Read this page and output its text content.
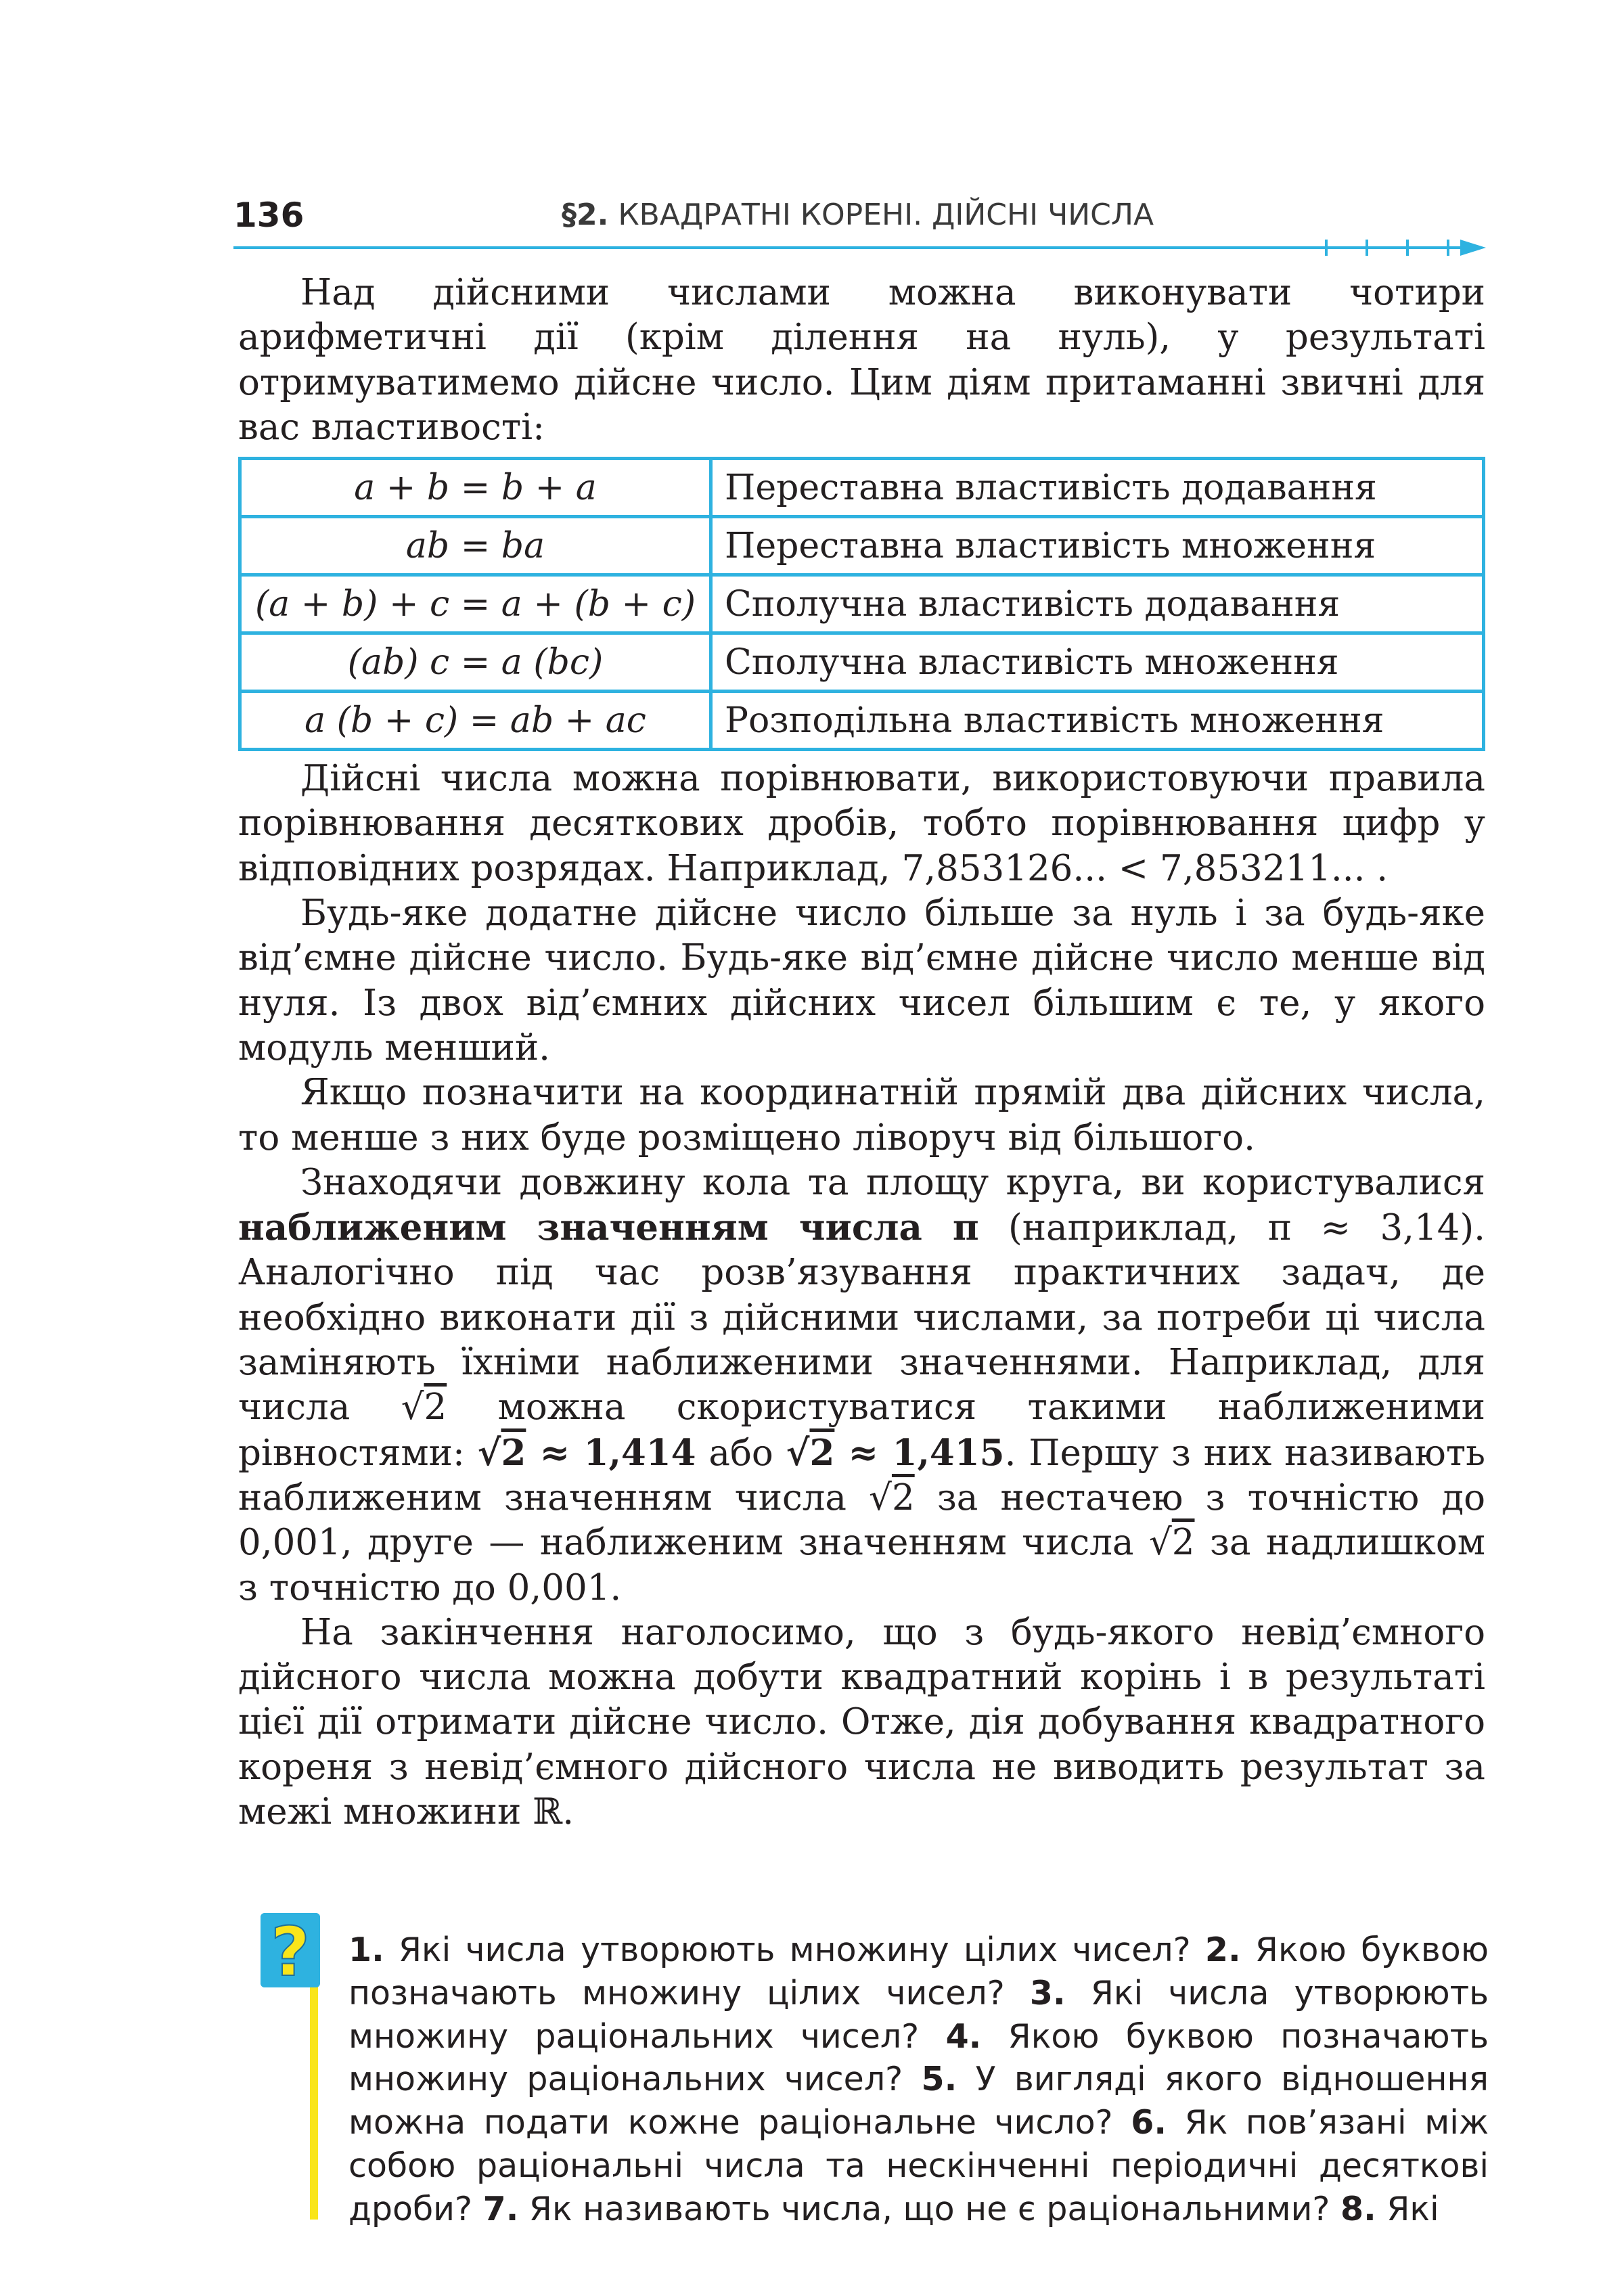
136	§2. КВАДРАТНІ КОРЕНІ. ДІЙСНІ ЧИСЛА

Над дійсними числами можна виконувати чотири арифметичні дії (крім ділення на нуль), у результаті отримуватимемо дійсне число. Цим діям притаманні звичні для вас властивості:

a + b = b + a	Переставна властивість додавання
ab = ba	Переставна властивість множення
(a + b) + c = a + (b + c)	Сполучна властивість додавання
(ab) c = a (bc)	Сполучна властивість множення
a (b + c) = ab + ac	Розподільна властивість множення

Дійсні числа можна порівнювати, використовуючи правила порівнювання десяткових дробів, тобто порівнювання цифр у відповідних розрядах. Наприклад, 7,853126... < 7,853211... .

Будь-яке додатне дійсне число більше за нуль і за будь-яке від’ємне дійсне число. Будь-яке від’ємне дійсне число менше від нуля. Із двох від’ємних дійсних чисел більшим є те, у якого модуль менший.

Якщо позначити на координатній прямій два дійсних числа, то менше з них буде розміщено ліворуч від більшого.

Знаходячи довжину кола та площу круга, ви користувалися наближеним значенням числа π (наприклад, π ≈ 3,14). Аналогічно під час розв’язування практичних задач, де необхідно виконати дії з дійсними числами, за потреби ці числа заміняють їхніми наближеними значеннями. Наприклад, для числа √2 можна скористуватися такими наближеними рівностями: √2 ≈ 1,414 або √2 ≈ 1,415. Першу з них називають наближеним значенням числа √2 за нестачею з точністю до 0,001, друге — наближеним значенням числа √2 за надлишком з точністю до 0,001.

На закінчення наголосимо, що з будь-якого невід’ємного дійсного числа можна добути квадратний корінь і в результаті цієї дії отримати дійсне число. Отже, дія добування квадратного кореня з невід’ємного дійсного числа не виводить результат за межі множини ℝ.

? 1. Які числа утворюють множину цілих чисел? 2. Якою буквою позначають множину цілих чисел? 3. Які числа утворюють множину раціональних чисел? 4. Якою буквою позначають множину раціональних чисел? 5. У вигляді якого відношення можна подати кожне раціональне число? 6. Як пов’язані між собою раціональні числа та нескінченні періодичні десяткові дроби? 7. Як називають числа, що не є раціональними? 8. Які
